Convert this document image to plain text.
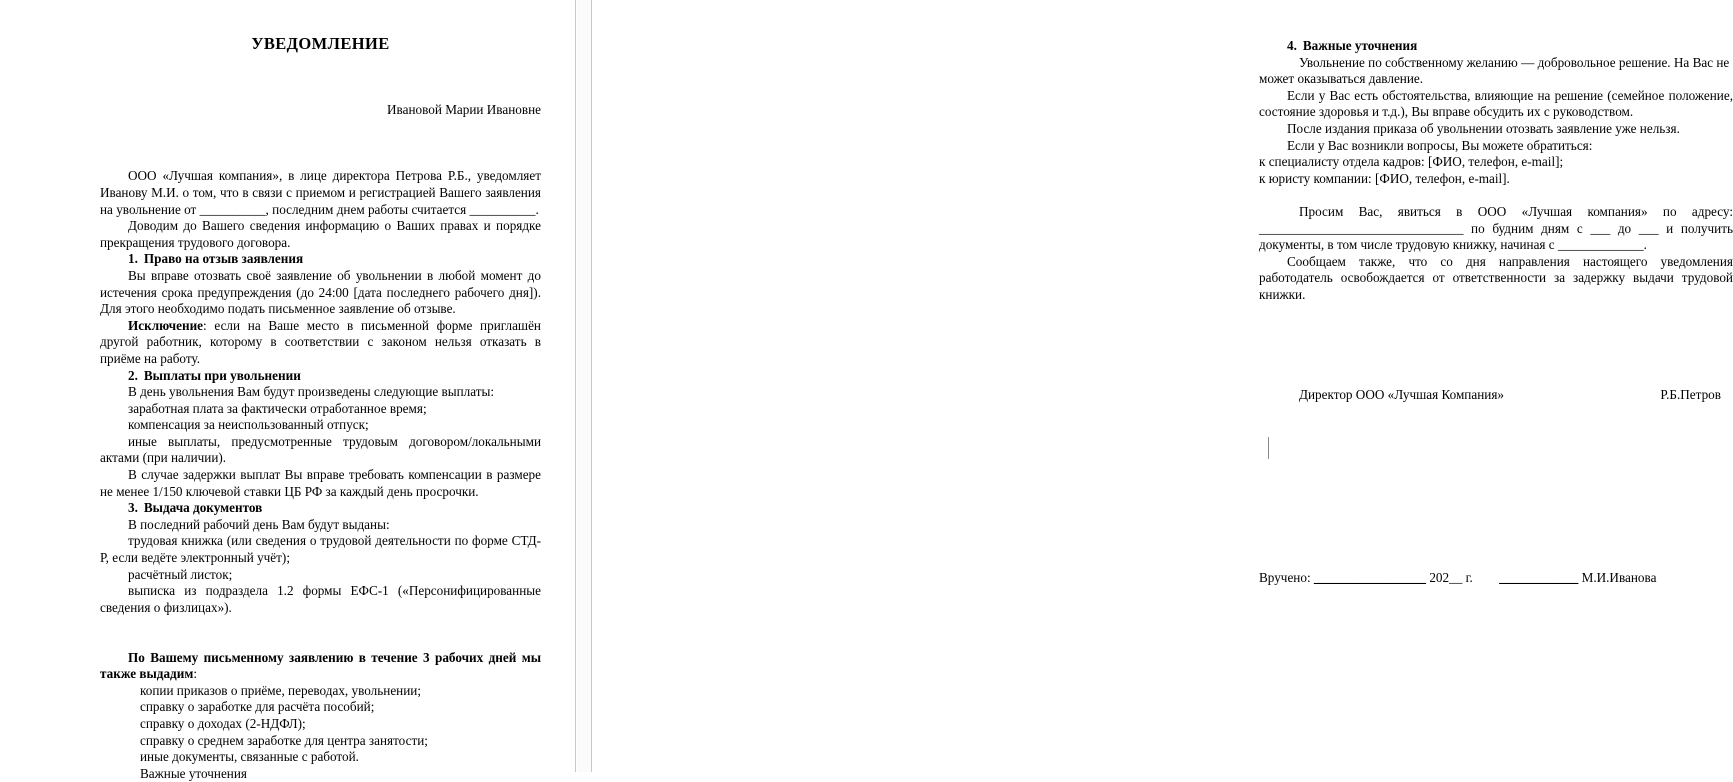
УВЕДОМЛЕНИЕ

Ивановой Марии Ивановне

ООО «Лучшая компания», в лице директора Петрова Р.Б., уведомляет Иванову М.И. о том, что в связи с приемом и регистрацией Вашего заявления на увольнение от __________, последним днем работы считается __________.

Доводим до Вашего сведения информацию о Ваших правах и порядке прекращения трудового договора.

1. Право на отзыв заявления

Вы вправе отозвать своё заявление об увольнении в любой момент до истечения срока предупреждения (до 24:00 [дата последнего рабочего дня]). Для этого необходимо подать письменное заявление об отзыве.

Исключение: если на Ваше место в письменной форме приглашён другой работник, которому в соответствии с законом нельзя отказать в приёме на работу.

2. Выплаты при увольнении

В день увольнения Вам будут произведены следующие выплаты:

заработная плата за фактически отработанное время;

компенсация за неиспользованный отпуск;

иные выплаты, предусмотренные трудовым договором/локальными актами (при наличии).

В случае задержки выплат Вы вправе требовать компенсации в размере не менее 1/150 ключевой ставки ЦБ РФ за каждый день просрочки.

3. Выдача документов

В последний рабочий день Вам будут выданы:

трудовая книжка (или сведения о трудовой деятельности по форме СТД-Р, если ведёте электронный учёт);

расчётный листок;

выписка из подраздела 1.2 формы ЕФС-1 («Персонифицированные сведения о физлицах»).

По Вашему письменному заявлению в течение 3 рабочих дней мы также выдадим:

копии приказов о приёме, переводах, увольнении;

справку о заработке для расчёта пособий;

справку о доходах (2-НДФЛ);

справку о среднем заработке для центра занятости;

иные документы, связанные с работой.

Важные уточнения

4. Важные уточнения

Увольнение по собственному желанию — добровольное решение. На Вас не может оказываться давление.

Если у Вас есть обстоятельства, влияющие на решение (семейное положение, состояние здоровья и т.д.), Вы вправе обсудить их с руководством.

После издания приказа об увольнении отозвать заявление уже нельзя.

Если у Вас возникли вопросы, Вы можете обратиться:

к специалисту отдела кадров: [ФИО, телефон, e-mail];

к юристу компании: [ФИО, телефон, e-mail].

Просим Вас, явиться в ООО «Лучшая компания» по адресу: _______________________________ по будним дням с ___ до ___ и получить документы, в том числе трудовую книжку, начиная с _____________.

Сообщаем также, что со дня направления настоящего уведомления работодатель освобождается от ответственности за задержку выдачи трудовой книжки.

Директор ООО «Лучшая Компания»	Р.Б.Петров

Вручено: _________________ 202__ г. ____________ М.И.Иванова
